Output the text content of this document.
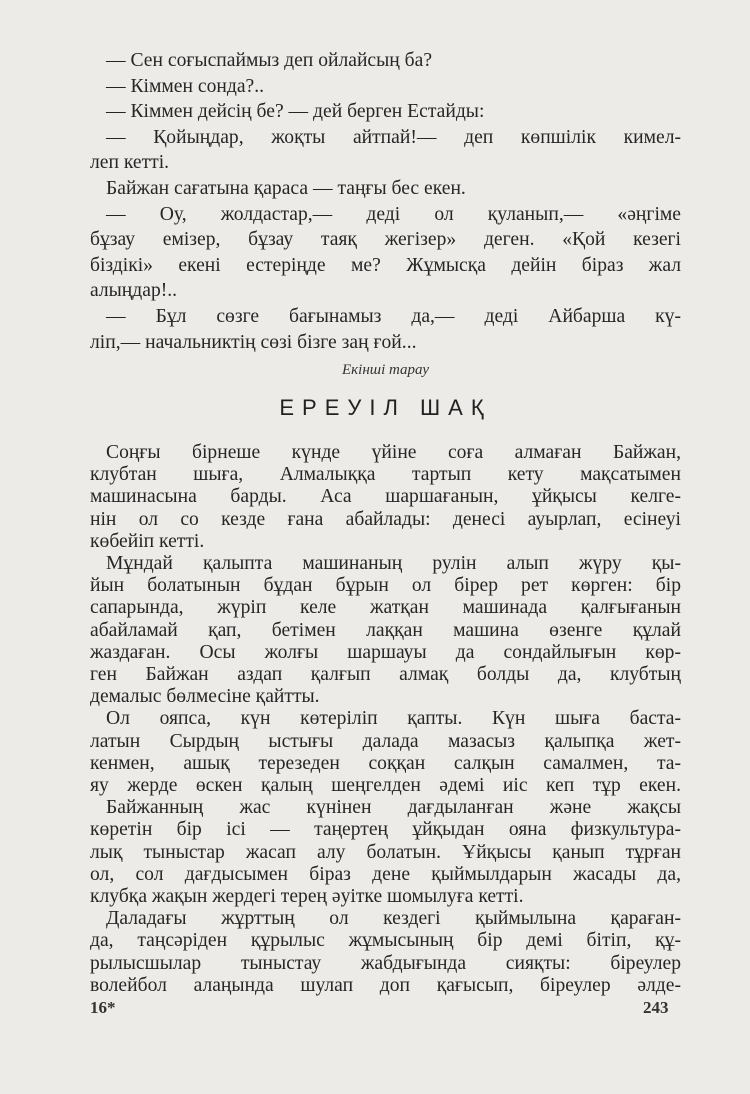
— Сен соғыспаймыз деп ойлайсың ба?
— Кіммен сонда?..
— Кіммен дейсің бе? — дей берген Естайды:
— Қойыңдар, жоқты айтпай!— деп көпшілік кимел-
леп кетті.
Байжан сағатына қараса — таңғы бес екен.
— Оу, жолдастар,— деді ол қуланып,— «әңгіме
бұзау емізер, бұзау таяқ жегізер» деген. «Қой кезегі
біздікі» екені естеріңде ме? Жұмысқа дейін біраз жал
алыңдар!..
— Бұл сөзге бағынамыз да,— деді Айбарша кү-
ліп,— начальниктің сөзі бізге заң ғой...
Екінші тарау
ЕРЕУІЛ ШАҚ
Соңғы бірнеше күнде үйіне соға алмаған Байжан,
клубтан шыға, Алмалыққа тартып кету мақсатымен
машинасына барды. Аса шаршағанын, ұйқысы келге-
нін ол со кезде ғана абайлады: денесі ауырлап, есінеуі
көбейіп кетті.
Мұндай қалыпта машинаның рулін алып жүру қы-
йын болатынын бұдан бұрын ол бірер рет көрген: бір
сапарында, жүріп келе жатқан машинада қалғығанын
абайламай қап, бетімен лаққан машина өзенге құлай
жаздаған. Осы жолғы шаршауы да сондайлығын көр-
ген Байжан аздап қалғып алмақ болды да, клубтың
демалыс бөлмесіне қайтты.
Ол ояпса, күн көтеріліп қапты. Күн шыға баста-
латын Сырдың ыстығы далада мазасыз қалыпқа жет-
кенмен, ашық терезеден соққан салқын самалмен, та-
яу жерде өскен қалың шеңгелден әдемі иіс кеп тұр екен.
Байжанның жас күнінен дағдыланған және жақсы
көретін бір ісі — таңертең ұйқыдан ояна физкультура-
лық тыныстар жасап алу болатын. Ұйқысы қанып тұрған
ол, сол дағдысымен біраз дене қыймылдарын жасады да,
клубқа жақын жердегі терең әуітке шомылуға кетті.
Даладағы жұрттың ол кездегі қыймылына қараған-
да, таңсәріден құрылыс жұмысының бір демі бітіп, құ-
рылысшылар тыныстау жабдығында сияқты: біреулер
волейбол алаңында шулап доп қағысып, біреулер әлде-
16*	243
